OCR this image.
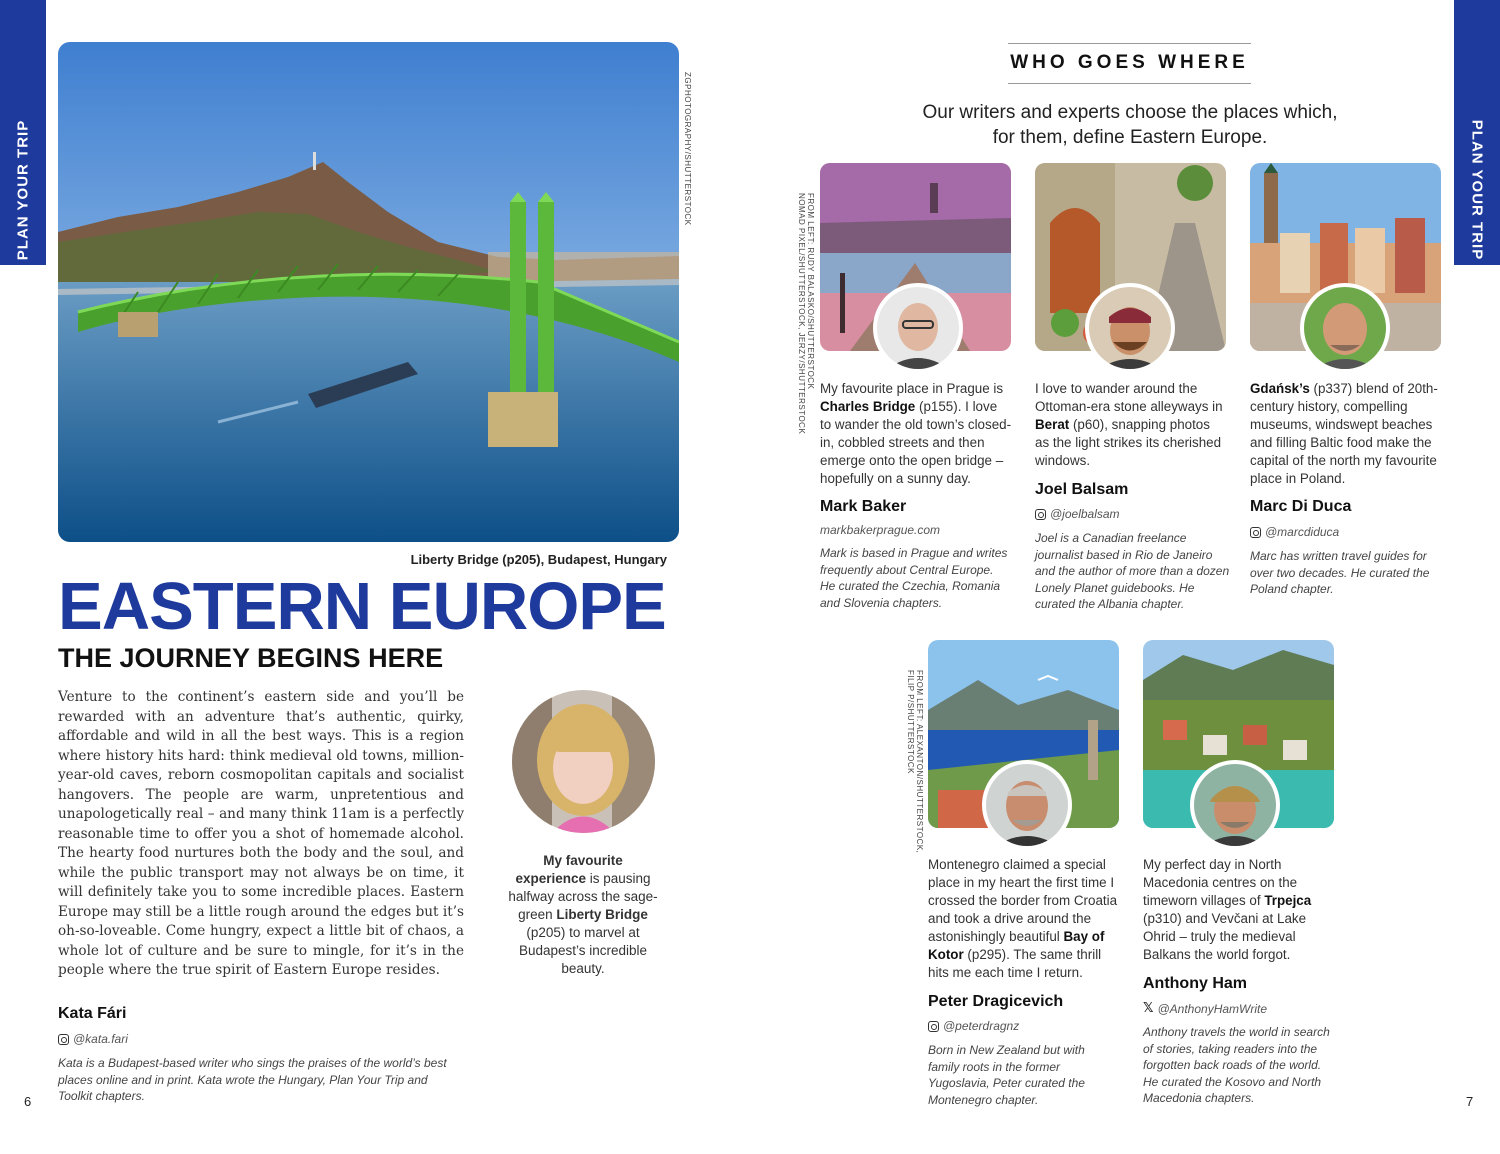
PLAN YOUR TRIP	PLAN YOUR TRIP
ZGPHOTOGRAPHY/SHUTTERSTOCK
Liberty Bridge (p205), Budapest, Hungary
EASTERN EUROPE
THE JOURNEY BEGINS HERE
Venture to the continent’s eastern side and you’ll be rewarded with an adventure that’s authentic, quirky, affordable and wild in all the best ways. This is a region where history hits hard: think medieval old towns, million-year-old caves, reborn cosmopolitan capitals and socialist hangovers. The people are warm, unpretentious and unapologetically real – and many think 11am is a perfectly reasonable time to offer you a shot of homemade alcohol. The hearty food nurtures both the body and the soul, and while the public transport may not always be on time, it will definitely take you to some incredible places. Eastern Europe may still be a little rough around the edges but it’s oh-so-loveable. Come hungry, expect a little bit of chaos, a whole lot of culture and be sure to mingle, for it’s in the people where the true spirit of Eastern Europe resides.
Kata Fári
@kata.fari
Kata is a Budapest-based writer who sings the praises of the world’s best places online and in print. Kata wrote the Hungary, Plan Your Trip and Toolkit chapters.
My favourite experience is pausing halfway across the sage-green Liberty Bridge (p205) to marvel at Budapest’s incredible beauty.
6
WHO GOES WHERE
Our writers and experts choose the places which,
for them, define Eastern Europe.
FROM LEFT: RUDY BALASKO/SHUTTERSTOCK
NOMAD PIXEL/SHUTTERSTOCK, JERZY/SHUTTERSTOCK	My favourite place in Prague is Charles Bridge (p155). I love to wander the old town’s closed-in, cobbled streets and then emerge onto the open bridge – hopefully on a sunny day.
Mark Baker
markbakerprague.com
Mark is based in Prague and writes frequently about Central Europe. He curated the Czechia, Romania and Slovenia chapters.
I love to wander around the Ottoman-era stone alleyways in Berat (p60), snapping photos as the light strikes its cherished windows.
Joel Balsam
@joelbalsam
Joel is a Canadian freelance journalist based in Rio de Janeiro and the author of more than a dozen Lonely Planet guidebooks. He curated the Albania chapter.
Gdańsk’s (p337) blend of 20th-century history, compelling museums, windswept beaches and filling Baltic food make the capital of the north my favourite place in Poland.
Marc Di Duca
@marcdiduca
Marc has written travel guides for over two decades. He curated the Poland chapter.
FROM LEFT: ALEXANTON/SHUTTERSTOCK,
FILIP P/SHUTTERSTOCK
Montenegro claimed a special place in my heart the first time I crossed the border from Croatia and took a drive around the astonishingly beautiful Bay of Kotor (p295). The same thrill hits me each time I return.
Peter Dragicevich
@peterdragnz
Born in New Zealand but with family roots in the former Yugoslavia, Peter curated the Montenegro chapter.
My perfect day in North Macedonia centres on the timeworn villages of Trpejca (p310) and Vevčani at Lake Ohrid – truly the medieval Balkans the world forgot.
Anthony Ham
𝕏 @AnthonyHamWrite
Anthony travels the world in search of stories, taking readers into the forgotten back roads of the world. He curated the Kosovo and North Macedonia chapters.	7
